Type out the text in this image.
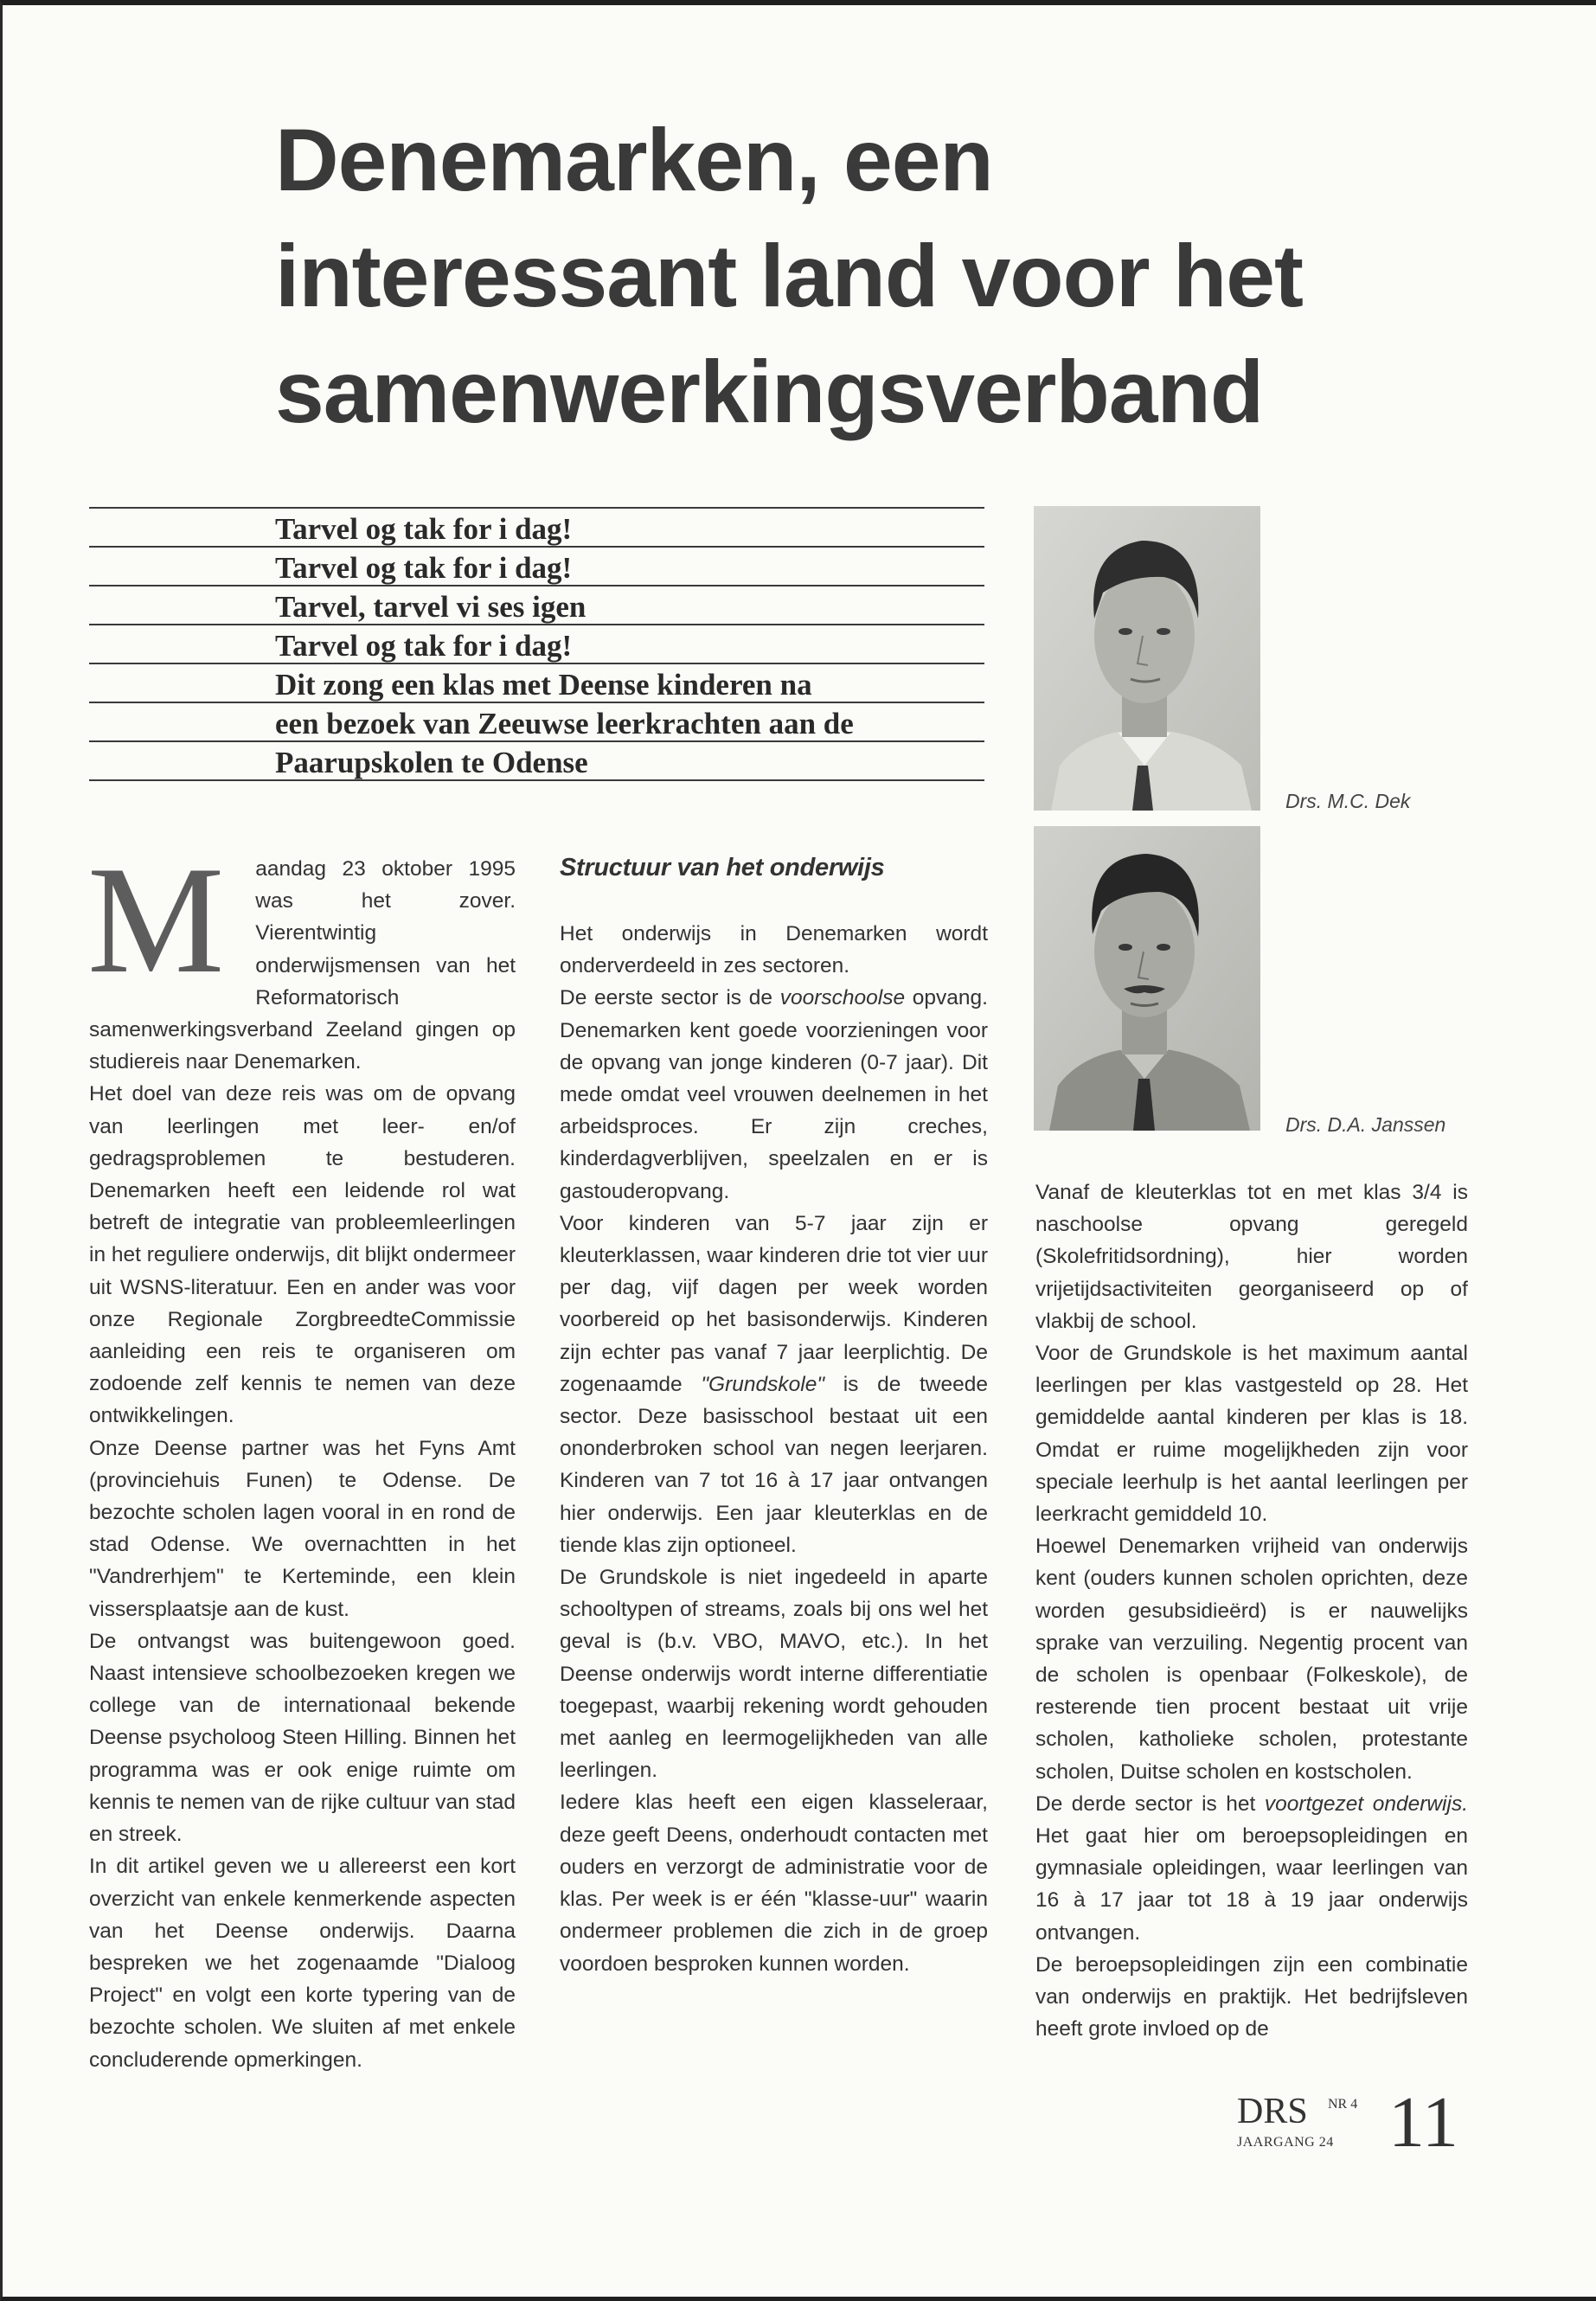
Denemarken, een
interessant land voor het
samenwerkingsverband
Tarvel og tak for i dag!
Tarvel og tak for i dag!
Tarvel, tarvel vi ses igen
Tarvel og tak for i dag!
Dit zong een klas met Deense kinderen na
een bezoek van Zeeuwse leerkrachten aan de
Paarupskolen te Odense
Drs. M.C. Dek
Drs. D.A. Janssen
M	aandag 23 oktober 1995 was het zover. Vierentwintig onderwijsmensen van het Reformatorisch samenwerkingsverband Zeeland gingen op studiereis naar Denemarken.

Het doel van deze reis was om de opvang van leerlingen met leer- en/of gedragsproblemen te bestuderen. Denemarken heeft een leidende rol wat betreft de integratie van probleemleerlingen in het reguliere onderwijs, dit blijkt ondermeer uit WSNS-literatuur. Een en ander was voor onze Regionale ZorgbreedteCommissie aanleiding een reis te organiseren om zodoende zelf kennis te nemen van deze ontwikkelingen.

Onze Deense partner was het Fyns Amt (provinciehuis Funen) te Odense. De bezochte scholen lagen vooral in en rond de stad Odense. We overnachtten in het "Vandrerhjem" te Kerteminde, een klein vissersplaatsje aan de kust.

De ontvangst was buitengewoon goed. Naast intensieve schoolbezoeken kregen we college van de internationaal bekende Deense psycholoog Steen Hilling. Binnen het programma was er ook enige ruimte om kennis te nemen van de rijke cultuur van stad en streek.

In dit artikel geven we u allereerst een kort overzicht van enkele kenmerkende aspecten van het Deense onderwijs. Daarna bespreken we het zogenaamde "Dialoog Project" en volgt een korte typering van de bezochte scholen. We sluiten af met enkele concluderende opmerkingen.

Structuur van het onderwijs

Het onderwijs in Denemarken wordt onderverdeeld in zes sectoren.

De eerste sector is de voorschoolse opvang. Denemarken kent goede voorzieningen voor de opvang van jonge kinderen (0-7 jaar). Dit mede omdat veel vrouwen deelnemen in het arbeidsproces. Er zijn creches, kinderdagverblijven, speelzalen en er is gastouderopvang.

Voor kinderen van 5-7 jaar zijn er kleuterklassen, waar kinderen drie tot vier uur per dag, vijf dagen per week worden voorbereid op het basisonderwijs. Kinderen zijn echter pas vanaf 7 jaar leerplichtig. De zogenaamde "Grundskole" is de tweede sector. Deze basisschool bestaat uit een ononderbroken school van negen leerjaren. Kinderen van 7 tot 16 à 17 jaar ontvangen hier onderwijs. Een jaar kleuterklas en de tiende klas zijn optioneel.

De Grundskole is niet ingedeeld in aparte schooltypen of streams, zoals bij ons wel het geval is (b.v. VBO, MAVO, etc.). In het Deense onderwijs wordt interne differentiatie toegepast, waarbij rekening wordt gehouden met aanleg en leermogelijkheden van alle leerlingen.

Iedere klas heeft een eigen klasseleraar, deze geeft Deens, onderhoudt contacten met ouders en verzorgt de administratie voor de klas. Per week is er één "klasse-uur" waarin ondermeer problemen die zich in de groep voordoen besproken kunnen worden.

Vanaf de kleuterklas tot en met klas 3/4 is naschoolse opvang geregeld (Skolefritidsordning), hier worden vrijetijdsactiviteiten georganiseerd op of vlakbij de school.

Voor de Grundskole is het maximum aantal leerlingen per klas vastgesteld op 28. Het gemiddelde aantal kinderen per klas is 18. Omdat er ruime mogelijkheden zijn voor speciale leerhulp is het aantal leerlingen per leerkracht gemiddeld 10.

Hoewel Denemarken vrijheid van onderwijs kent (ouders kunnen scholen oprichten, deze worden gesubsidieërd) is er nauwelijks sprake van verzuiling. Negentig procent van de scholen is openbaar (Folkeskole), de resterende tien procent bestaat uit vrije scholen, katholieke scholen, protestante scholen, Duitse scholen en kostscholen.

De derde sector is het voortgezet onderwijs. Het gaat hier om beroepsopleidingen en gymnasiale opleidingen, waar leerlingen van 16 à 17 jaar tot 18 à 19 jaar onderwijs ontvangen.

De beroepsopleidingen zijn een combinatie van onderwijs en praktijk. Het bedrijfsleven heeft grote invloed op de

DRS NR 4
JAARGANG 24 11
